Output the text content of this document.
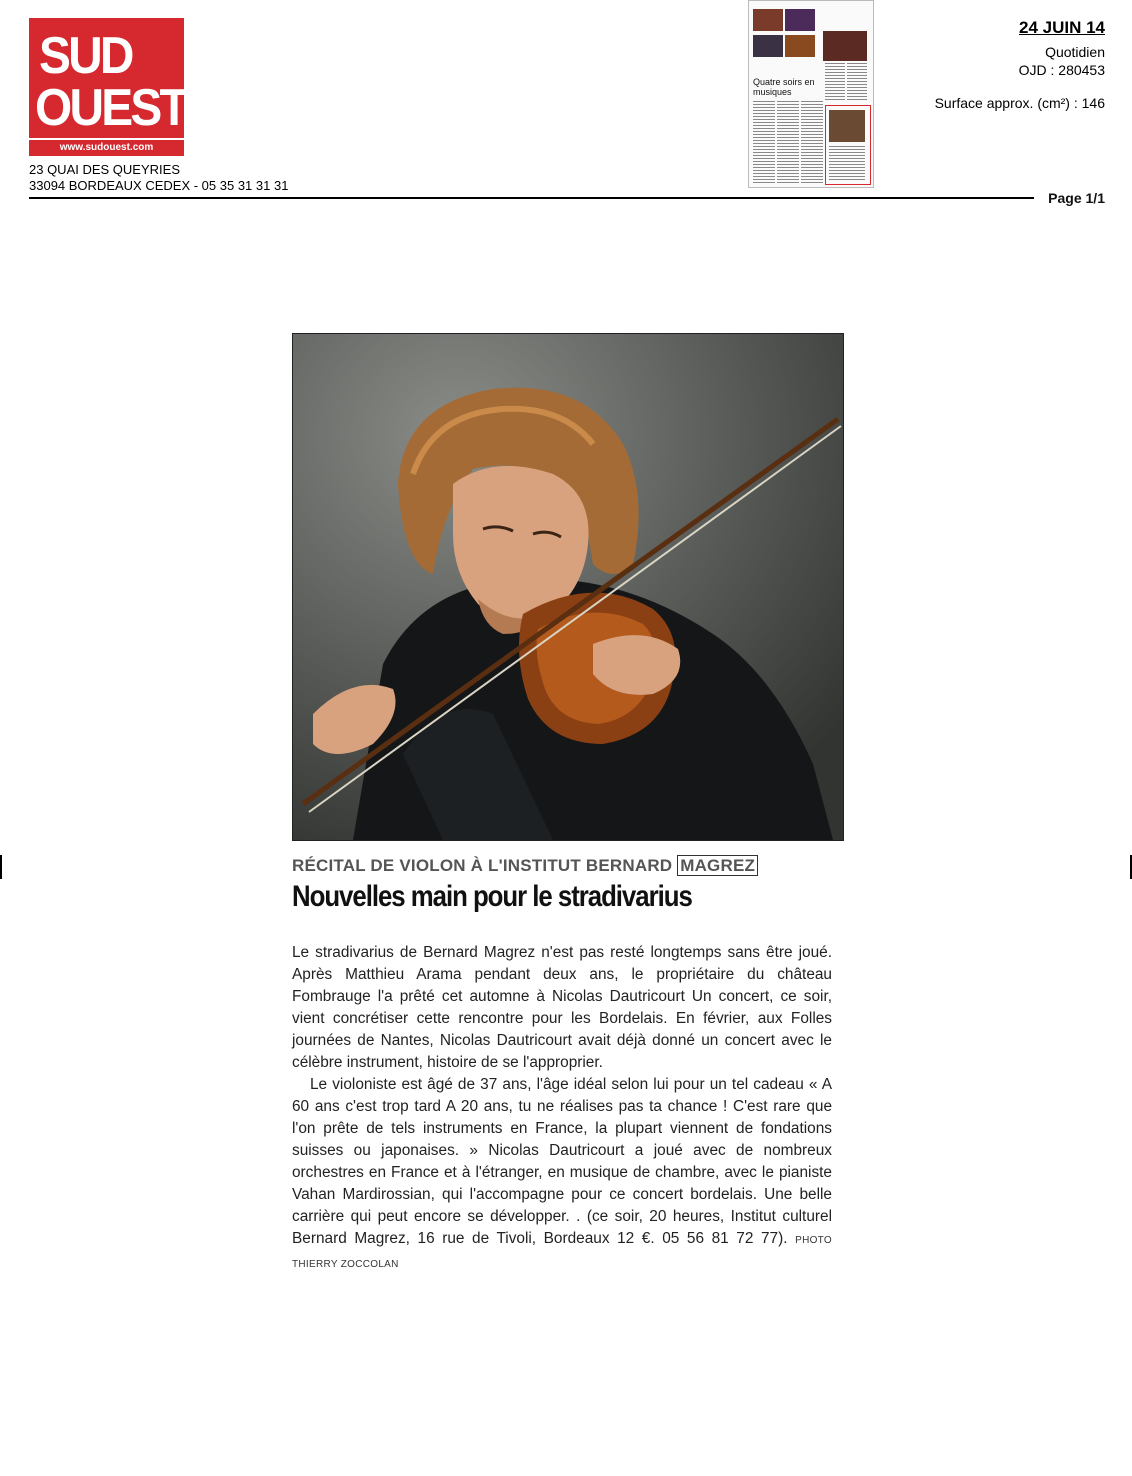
SUD
OUEST
www.sudouest.com
23 QUAI DES QUEYRIES
33094 BORDEAUX CEDEX - 05 35 31 31 31
Quatre soirs en musiques
24 JUIN 14
Quotidien
OJD : 280453
Surface approx. (cm²) : 146
Page 1/1
RÉCITAL DE VIOLON À L'INSTITUT BERNARD MAGREZ
Nouvelles main pour le stradivarius

Le stradivarius de Bernard Magrez n'est pas resté longtemps sans être joué. Après Matthieu Arama pendant deux ans, le propriétaire du château Fombrauge l'a prêté cet automne à Nicolas Dautricourt Un concert, ce soir, vient concrétiser cette rencontre pour les Bordelais. En février, aux Folles journées de Nantes, Nicolas Dautricourt avait déjà donné un concert avec le célèbre instrument, histoire de se l'approprier.

Le violoniste est âgé de 37 ans, l'âge idéal selon lui pour un tel cadeau « A 60 ans c'est trop tard A 20 ans, tu ne réalises pas ta chance ! C'est rare que l'on prête de tels instruments en France, la plupart viennent de fondations suisses ou japonaises. » Nicolas Dautricourt a joué avec de nombreux orchestres en France et à l'étranger, en musique de chambre, avec le pianiste Vahan Mardirossian, qui l'accompagne pour ce concert bordelais. Une belle carrière qui peut encore se développer. . (ce soir, 20 heures, Institut culturel Bernard Magrez, 16 rue de Tivoli, Bordeaux 12 €. 05 56 81 72 77). PHOTO THIERRY ZOCCOLAN
